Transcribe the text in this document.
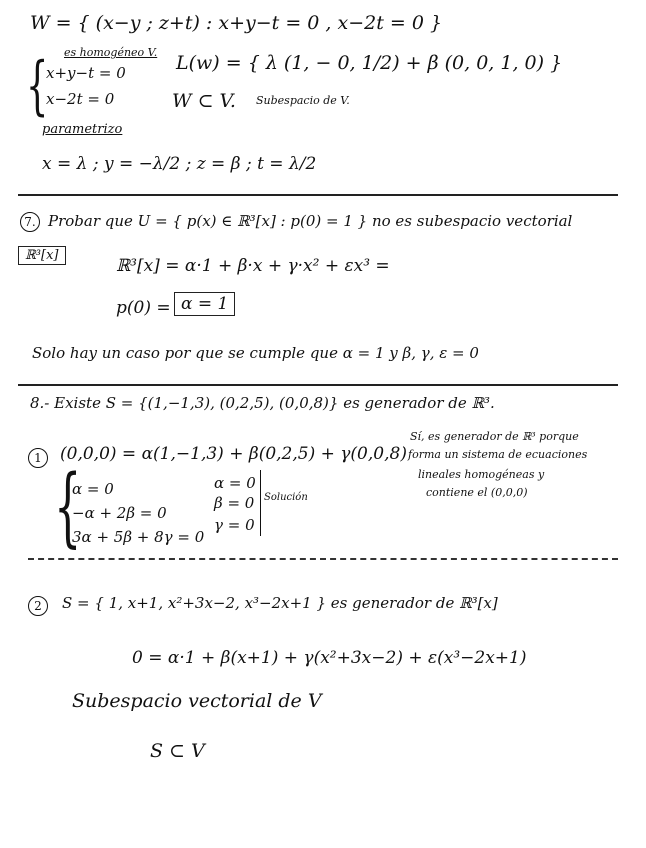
W = { (x−y ; z+t) : x+y−t = 0 , x−2t = 0 }
es homogéneo V.
{
x+y−t = 0
x−2t = 0
L(w) = { λ (1, − 0, 1/2) + β (0, 0, 1, 0) }
W ⊂ V. Subespacio de V.
parametrizo
x = λ ; y = −λ/2 ; z = β ; t = λ/2
7. Probar que U = { p(x) ∈ ℝ³[x] : p(0) = 1 } no es subespacio vectorial
ℝ³[x]
ℝ³[x] = α·1 + β·x + γ·x² + εx³ =
p(0) = α = 1
Solo hay un caso por que se cumple que α = 1 y β, γ, ε = 0
8.- Existe S = {(1,−1,3), (0,2,5), (0,0,8)} es generador de ℝ³.
1	(0,0,0) = α(1,−1,3) + β(0,2,5) + γ(0,0,8)
{
α = 0
−α + 2β = 0
3α + 5β + 8γ = 0
α = 0
β = 0
γ = 0
Solución
Sí, es generador de ℝ³ porque
forma un sistema de ecuaciones
lineales homogéneas y
contiene el (0,0,0)
2	S = { 1, x+1, x²+3x−2, x³−2x+1 } es generador de ℝ³[x]
0 = α·1 + β(x+1) + γ(x²+3x−2) + ε(x³−2x+1)
Subespacio vectorial de V
S ⊂ V
